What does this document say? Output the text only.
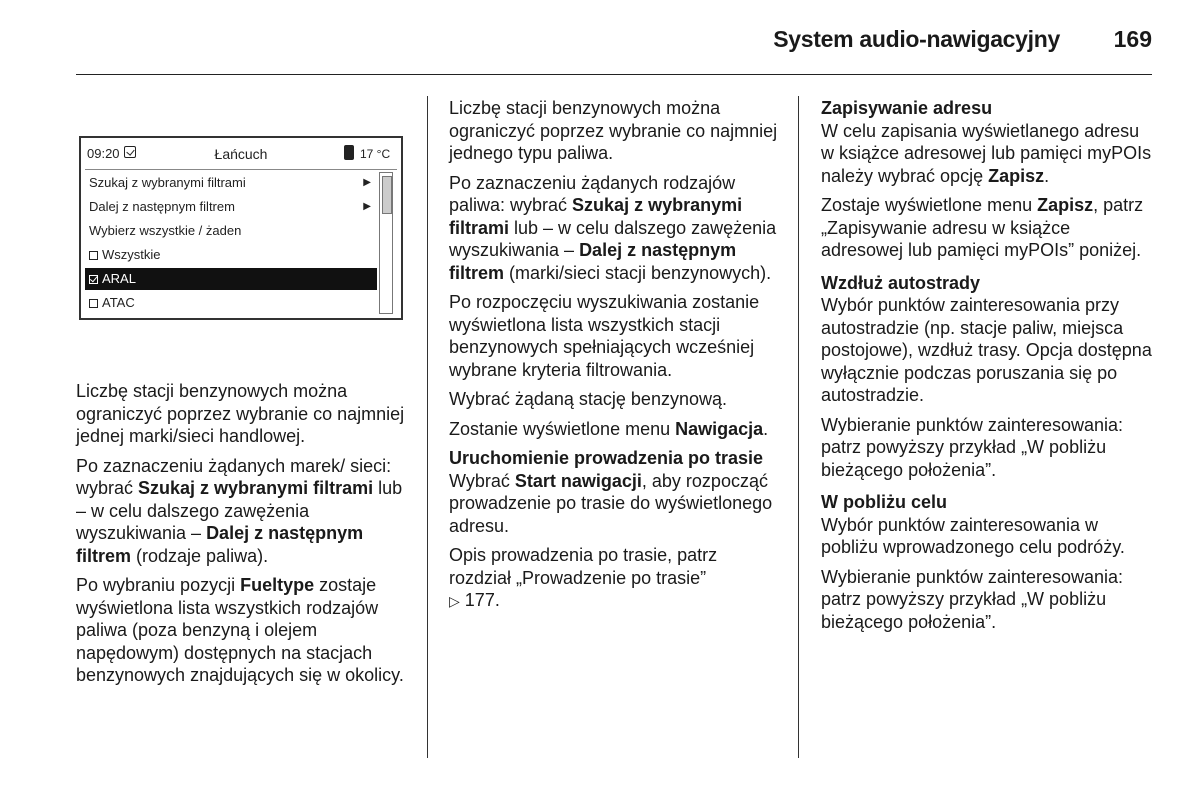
System audio-nawigacyjny	169
09:20	Łańcuch	17 °C
Szukaj z wybranymi filtrami	▶
Dalej z następnym filtrem	▶
Wybierz wszystkie / żaden
Wszystkie
ARAL
ATAC

Liczbę stacji benzynowych można ograniczyć poprzez wybranie co najmniej jednej marki/sieci handlowej.

Po zaznaczeniu żądanych marek/ sieci: wybrać Szukaj z wybranymi filtrami lub – w celu dalszego zawężenia wyszukiwania – Dalej z następnym filtrem (rodzaje paliwa).

Po wybraniu pozycji Fueltype zostaje wyświetlona lista wszystkich rodzajów paliwa (poza benzyną i olejem napędowym) dostępnych na stacjach benzynowych znajdujących się w okolicy.

Liczbę stacji benzynowych można ograniczyć poprzez wybranie co najmniej jednego typu paliwa.

Po zaznaczeniu żądanych rodzajów paliwa: wybrać Szukaj z wybranymi filtrami lub – w celu dalszego zawężenia wyszukiwania – Dalej z następnym filtrem (marki/sieci stacji benzynowych).

Po rozpoczęciu wyszukiwania zostanie wyświetlona lista wszystkich stacji benzynowych spełniających wcześniej wybrane kryteria filtrowania.

Wybrać żądaną stację benzynową.

Zostanie wyświetlone menu Nawigacja.

Uruchomienie prowadzenia po trasie
Wybrać Start nawigacji, aby rozpocząć prowadzenie po trasie do wyświetlonego adresu.

Opis prowadzenia po trasie, patrz rozdział „Prowadzenie po trasie”
▷ 177.

Zapisywanie adresu
W celu zapisania wyświetlanego adresu w książce adresowej lub pamięci myPOIs należy wybrać opcję Zapisz.

Zostaje wyświetlone menu Zapisz, patrz „Zapisywanie adresu w książce adresowej lub pamięci myPOIs” poniżej.

Wzdłuż autostrady
Wybór punktów zainteresowania przy autostradzie (np. stacje paliw, miejsca postojowe), wzdłuż trasy. Opcja dostępna wyłącznie podczas poruszania się po autostradzie.

Wybieranie punktów zainteresowania: patrz powyższy przykład „W pobliżu bieżącego położenia”.

W pobliżu celu
Wybór punktów zainteresowania w pobliżu wprowadzonego celu podróży.

Wybieranie punktów zainteresowania: patrz powyższy przykład „W pobliżu bieżącego położenia”.
